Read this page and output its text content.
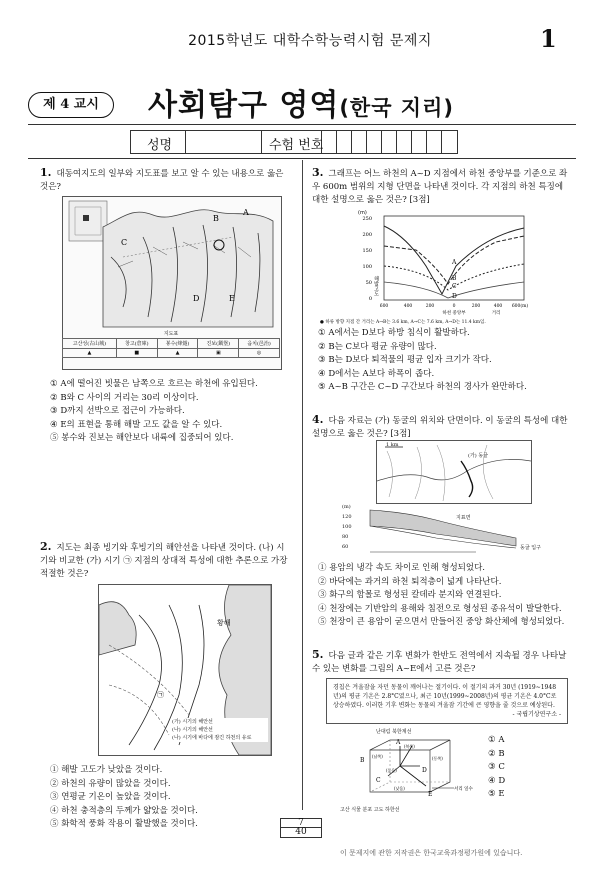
2015학년도 대학수학능력시험 문제지	1
제 4 교시	사회탐구 영역(한국 지리)
성명	수험 번호
1. 대동여지도의 일부와 지도표를 보고 알 수 있는 내용으로 옳은 것은?
B
A
C
D	E
지도표
고산성(古山城)	창고(倉庫)	봉수(烽燧)	진보(鎭堡)	읍치(邑治)
▲	■	▲	▣	◎
① A에 떨어진 빗물은 남쪽으로 흐르는 하천에 유입된다.
② B와 C 사이의 거리는 30리 이상이다.
③ D까지 선박으로 접근이 가능하다.
④ E의 표현을 통해 해발 고도 값을 알 수 있다.
⑤ 봉수와 진보는 해안보다 내륙에 집중되어 있다.
2. 지도는 최종 빙기와 후빙기의 해안선을 나타낸 것이다. (나) 시기와 비교한 (가) 시기 ㉠ 지점의 상대적 특성에 대한 추론으로 가장 적절한 것은?
황해
㉠
(가) 시기의 해안선
(나) 시기의 해안선
(나) 시기에 바다에 잠긴 하천의 유로
① 해발 고도가 낮았을 것이다.
② 하천의 유량이 많았을 것이다.
③ 연평균 기온이 높았을 것이다.
④ 하천 충적층의 두께가 얇았을 것이다.
⑤ 화학적 풍화 작용이 활발했을 것이다.
3. 그래프는 어느 하천의 A~D 지점에서 하천 중앙부를 기준으로 좌우 600m 범위의 지형 단면을 나타낸 것이다. 각 지점의 하천 특징에 대한 설명으로 옳은 것은? [3점]
A
B
C
D
(m)
250
200
150
100
50
0
해발고도
600	400	200	0	200	400 600(m)
하천 중앙부	거리
● 하류 방향 지점 간 거리는 A→B는 3.6 km, A→C는 7.6 km, A→D는 11.4 km임.
① A에서는 D보다 하방 침식이 활발하다.
② B는 C보다 평균 유량이 많다.
③ B는 D보다 퇴적물의 평균 입자 크기가 작다.
④ D에서는 A보다 하폭이 좁다.
⑤ A~B 구간은 C~D 구간보다 하천의 경사가 완만하다.
4. 다음 자료는 (가) 동굴의 위치와 단면이다. 이 동굴의 특성에 대한 설명으로 옳은 것은? [3점]
1 km
(가) 동굴
(m)
120
100
80
60
지표면
동굴 입구
① 용암의 냉각 속도 차이로 인해 형성되었다.
② 바닥에는 과거의 하천 퇴적층이 넓게 나타난다.
③ 화구의 함몰로 형성된 칼데라 분지와 연결된다.
④ 천장에는 기반암의 용해와 침전으로 형성된 종유석이 발달한다.
⑤ 천장이 큰 용암이 굳으면서 만들어진 중앙 화산체에 형성되었다.
5. 다음 글과 같은 기후 변화가 한반도 전역에서 지속될 경우 나타날 수 있는 변화를 그림의 A~E에서 고른 것은?
경칩은 겨울잠을 자던 동물이 깨어나는 절기이다. 이 절기의 과거 30년 (1919~1948년)의 평균 기온은 2.8°C였으나, 최근 10년(1999~2008년)의 평균 기온은 4.0°C로 상승하였다. 이러한 기후 변화는 동물의 겨울잠 기간에 큰 영향을 줄 것으로 예상된다.
- 국립기상연구소 -
A
B
C
D
E
(남쪽)
(북쪽)
(동쪽)
(높음)
(낮음)	서리 일수
난대림 북한계선
고산 식물 분포 고도 하한선
① A
② B
③ C
④ D
⑤ E
7
40
이 문제지에 관한 저작권은 한국교육과정평가원에 있습니다.
